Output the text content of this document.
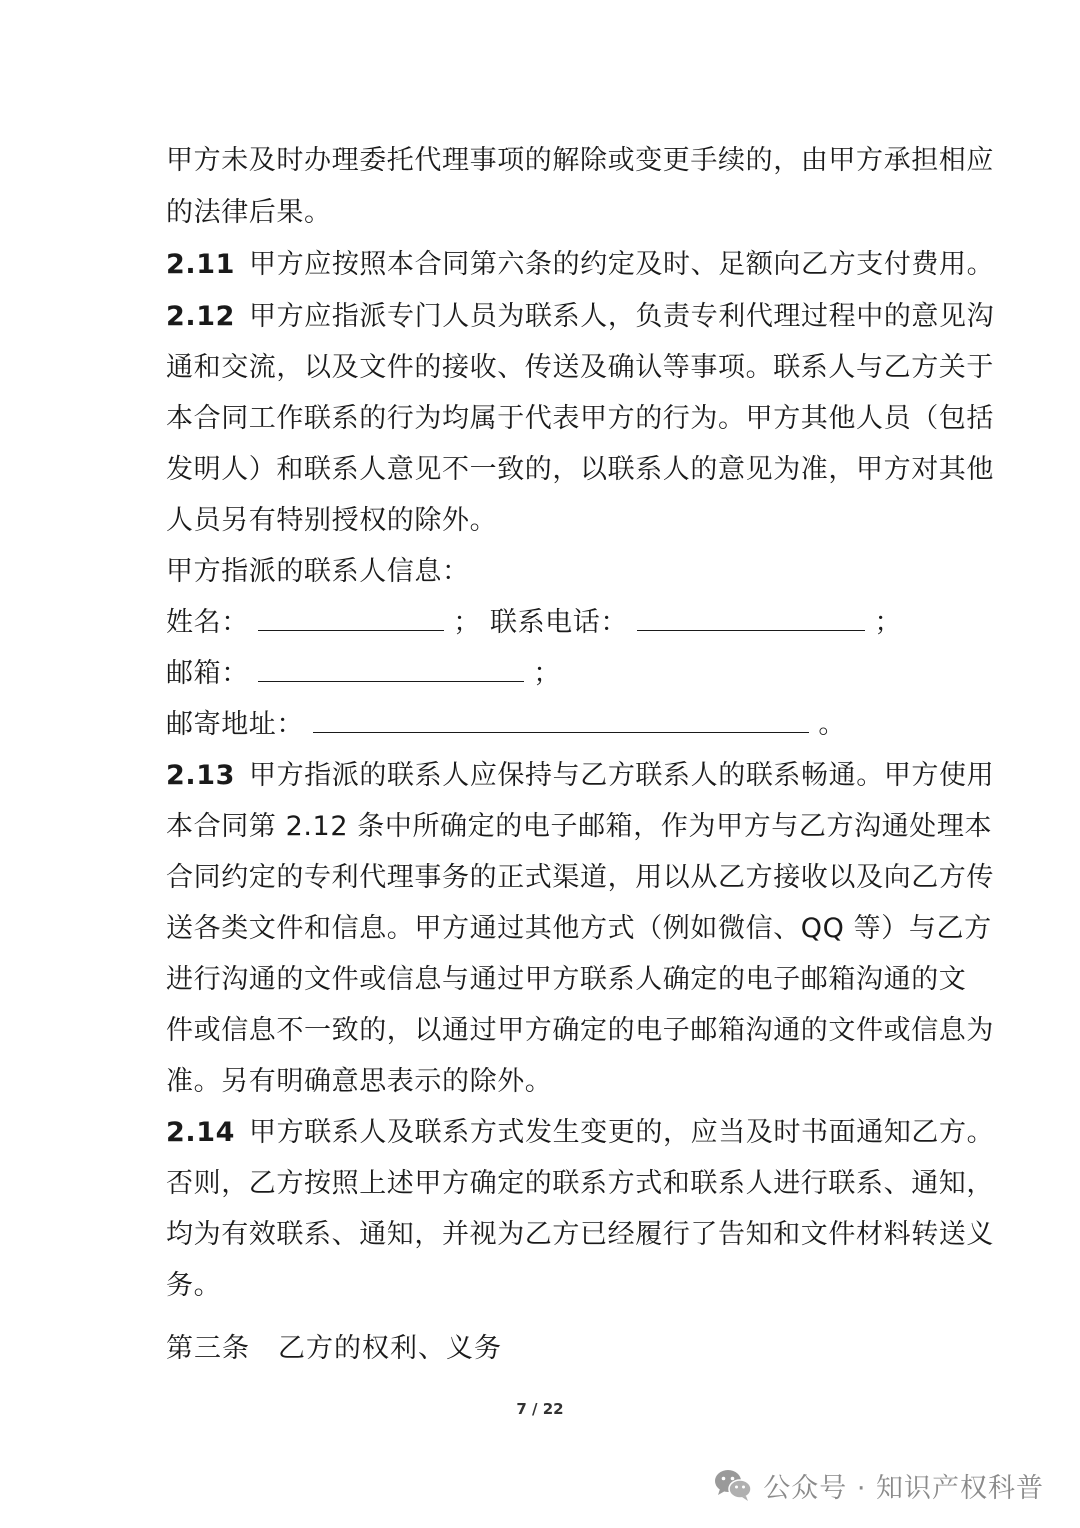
甲方未及时办理委托代理事项的解除或变更手续的，由甲方承担相应
的法律后果。
2.11 甲方应按照本合同第六条的约定及时、足额向乙方支付费用。
2.12 甲方应指派专门人员为联系人，负责专利代理过程中的意见沟
通和交流，以及文件的接收、传送及确认等事项。联系人与乙方关于
本合同工作联系的行为均属于代表甲方的行为。甲方其他人员（包括
发明人）和联系人意见不一致的，以联系人的意见为准，甲方对其他
人员另有特别授权的除外。
甲方指派的联系人信息：
姓名：	； 联系电话：	；
邮箱：	；
邮寄地址：	。
2.13 甲方指派的联系人应保持与乙方联系人的联系畅通。甲方使用
本合同第 2.12 条中所确定的电子邮箱，作为甲方与乙方沟通处理本
合同约定的专利代理事务的正式渠道，用以从乙方接收以及向乙方传
送各类文件和信息。甲方通过其他方式（例如微信、QQ 等）与乙方
进行沟通的文件或信息与通过甲方联系人确定的电子邮箱沟通的文
件或信息不一致的，以通过甲方确定的电子邮箱沟通的文件或信息为
准。另有明确意思表示的除外。
2.14 甲方联系人及联系方式发生变更的，应当及时书面通知乙方。
否则，乙方按照上述甲方确定的联系方式和联系人进行联系、通知，
均为有效联系、通知，并视为乙方已经履行了告知和文件材料转送义
务。
第三条 乙方的权利、义务
7 / 22
公众号 · 知识产权科普
